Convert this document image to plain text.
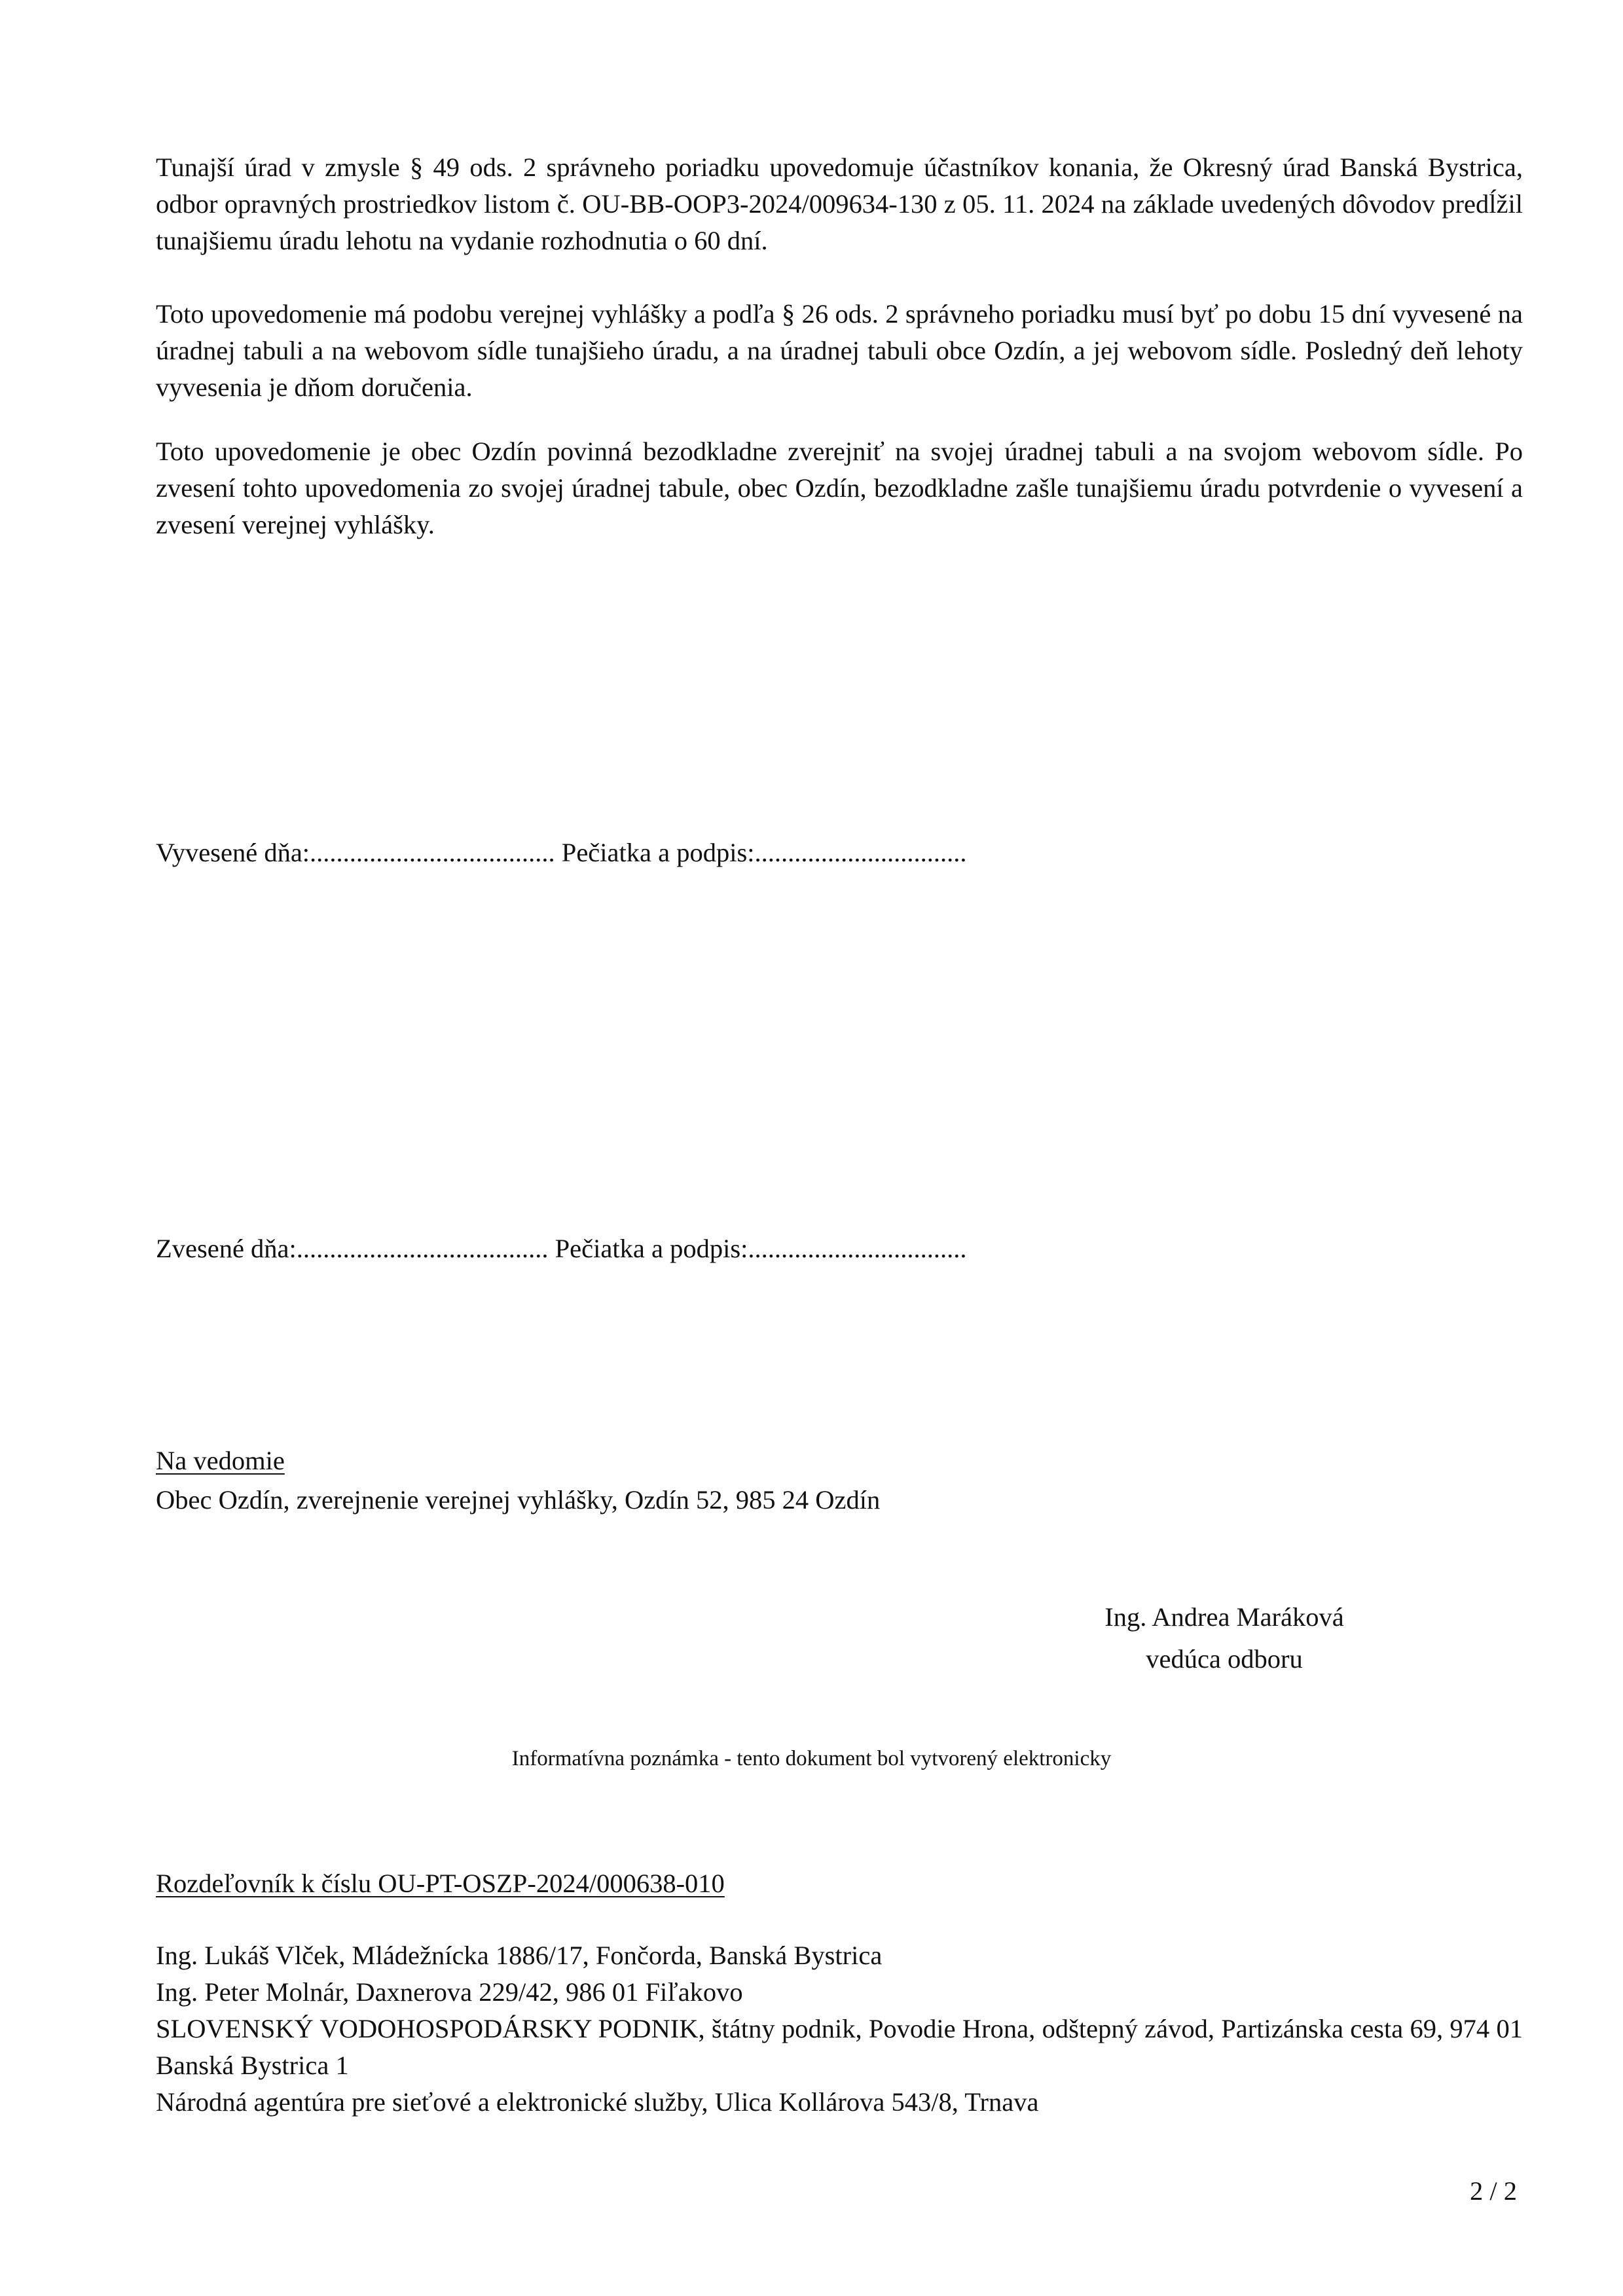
Tunajší úrad v zmysle § 49 ods. 2 správneho poriadku upovedomuje účastníkov konania, že Okresný úrad Banská Bystrica, odbor opravných prostriedkov listom č. OU-BB-OOP3-2024/009634-130 z 05. 11. 2024 na základe uvedených dôvodov predĺžil tunajšiemu úradu lehotu na vydanie rozhodnutia o 60 dní.

Toto upovedomenie má podobu verejnej vyhlášky a podľa § 26 ods. 2 správneho poriadku musí byť po dobu 15 dní vyvesené na úradnej tabuli a na webovom sídle tunajšieho úradu, a na úradnej tabuli obce Ozdín, a jej webovom sídle. Posledný deň lehoty vyvesenia je dňom doručenia.

Toto upovedomenie je obec Ozdín povinná bezodkladne zverejniť na svojej úradnej tabuli a na svojom webovom sídle. Po zvesení tohto upovedomenia zo svojej úradnej tabule, obec Ozdín, bezodkladne zašle tunajšiemu úradu potvrdenie o vyvesení a zvesení verejnej vyhlášky.

Vyvesené dňa:..................................... Pečiatka a podpis:................................

Zvesené dňa:...................................... Pečiatka a podpis:.................................

Na vedomie

Obec Ozdín, zverejnenie verejnej vyhlášky, Ozdín 52, 985 24 Ozdín

Ing. Andrea Maráková
vedúca odboru
Informatívna poznámka - tento dokument bol vytvorený elektronicky

Rozdeľovník k číslu OU-PT-OSZP-2024/000638-010

Ing. Lukáš Vlček, Mládežnícka 1886/17, Fončorda, Banská Bystrica
Ing. Peter Molnár, Daxnerova 229/42, 986 01 Fiľakovo
SLOVENSKÝ VODOHOSPODÁRSKY PODNIK, štátny podnik, Povodie Hrona, odštepný závod, Partizánska cesta 69, 974 01 Banská Bystrica 1
Národná agentúra pre sieťové a elektronické služby, Ulica Kollárova 543/8, Trnava
2 / 2
